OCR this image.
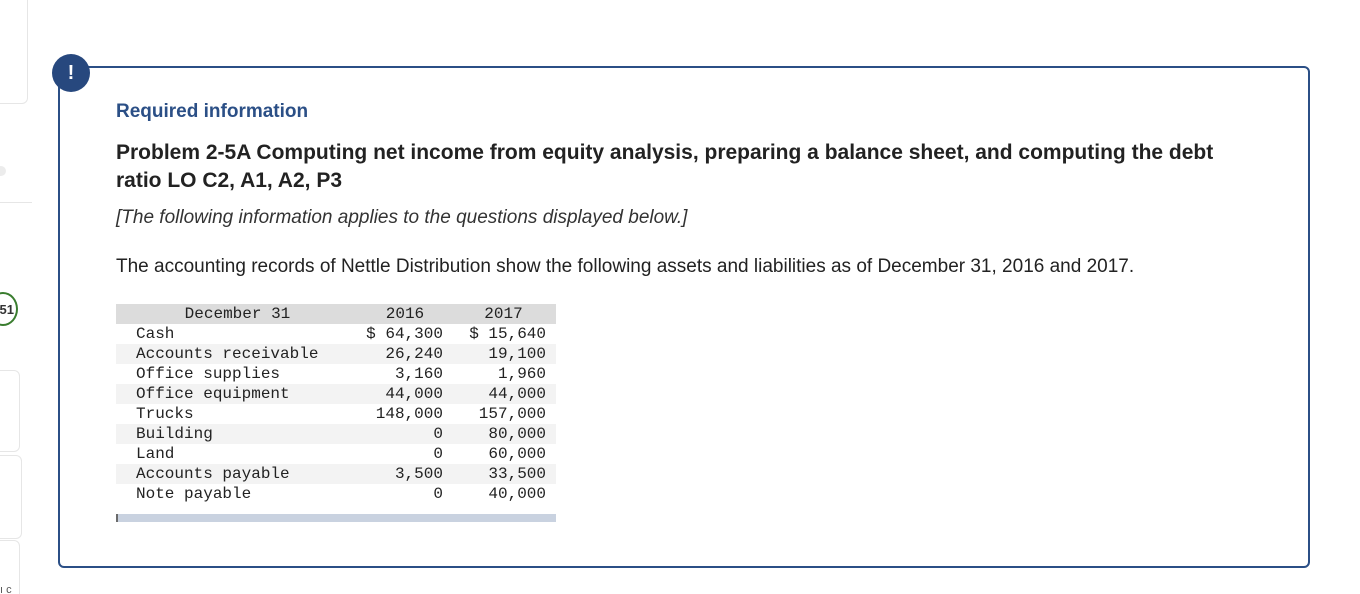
51
ı c
!
Required information
Problem 2-5A Computing net income from equity analysis, preparing a balance sheet, and computing the debt ratio LO C2, A1, A2, P3
[The following information applies to the questions displayed below.]
The accounting records of Nettle Distribution show the following assets and liabilities as of December 31, 2016 and 2017.
December 31	2016	2017
Cash	$ 64,300	$ 15,640
Accounts receivable	26,240	19,100
Office supplies	3,160	1,960
Office equipment	44,000	44,000
Trucks	148,000	157,000
Building	0	80,000
Land	0	60,000
Accounts payable	3,500	33,500
Note payable	0	40,000
